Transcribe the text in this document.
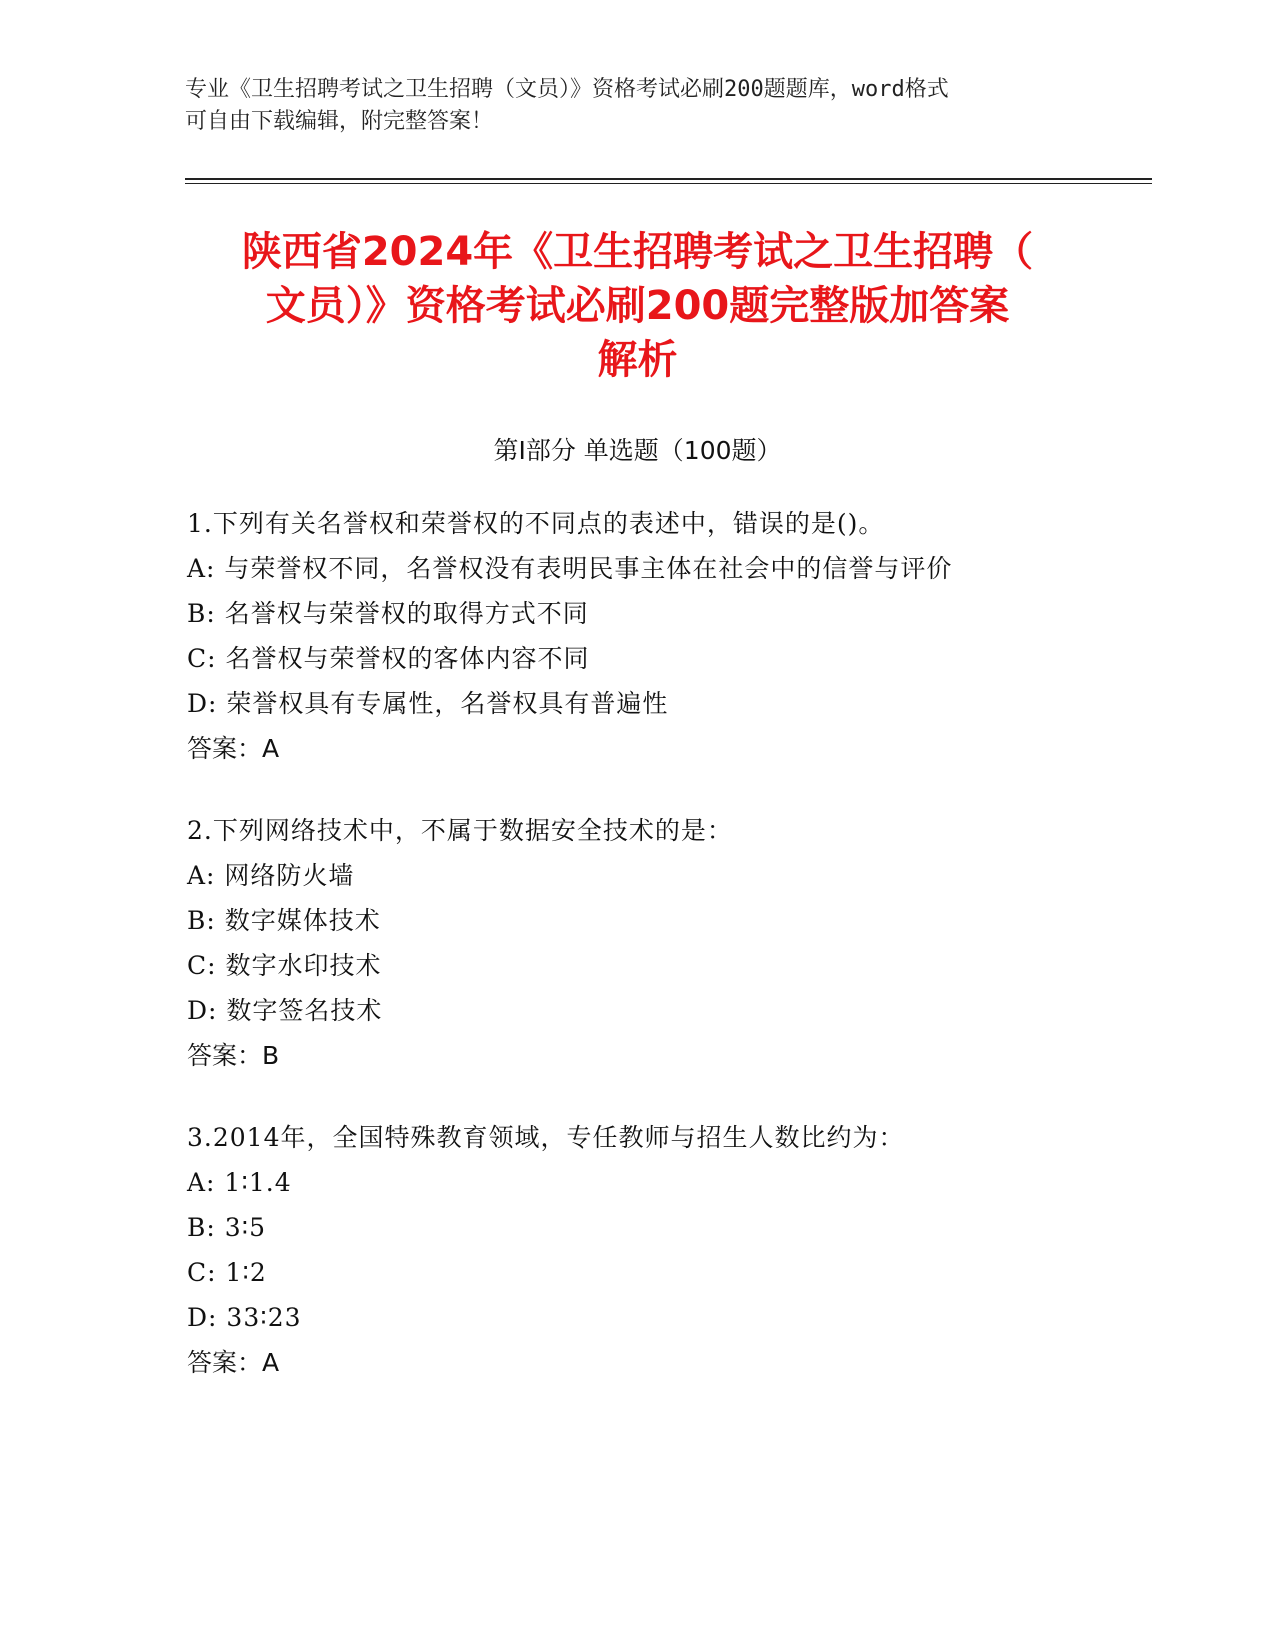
专业《卫生招聘考试之卫生招聘（文员）》资格考试必刷200题题库，word格式
可自由下载编辑，附完整答案！
陕西省2024年《卫生招聘考试之卫生招聘（
文员）》资格考试必刷200题完整版加答案
解析
第Ⅰ部分 单选题（100题）
1.下列有关名誉权和荣誉权的不同点的表述中，错误的是()。
A: 与荣誉权不同，名誉权没有表明民事主体在社会中的信誉与评价
B: 名誉权与荣誉权的取得方式不同
C: 名誉权与荣誉权的客体内容不同
D: 荣誉权具有专属性，名誉权具有普遍性
答案：A
2.下列网络技术中，不属于数据安全技术的是：
A: 网络防火墙
B: 数字媒体技术
C: 数字水印技术
D: 数字签名技术
答案：B
3.2014年，全国特殊教育领域，专任教师与招生人数比约为：
A: 1∶1.4
B: 3∶5
C: 1∶2
D: 33∶23
答案：A
